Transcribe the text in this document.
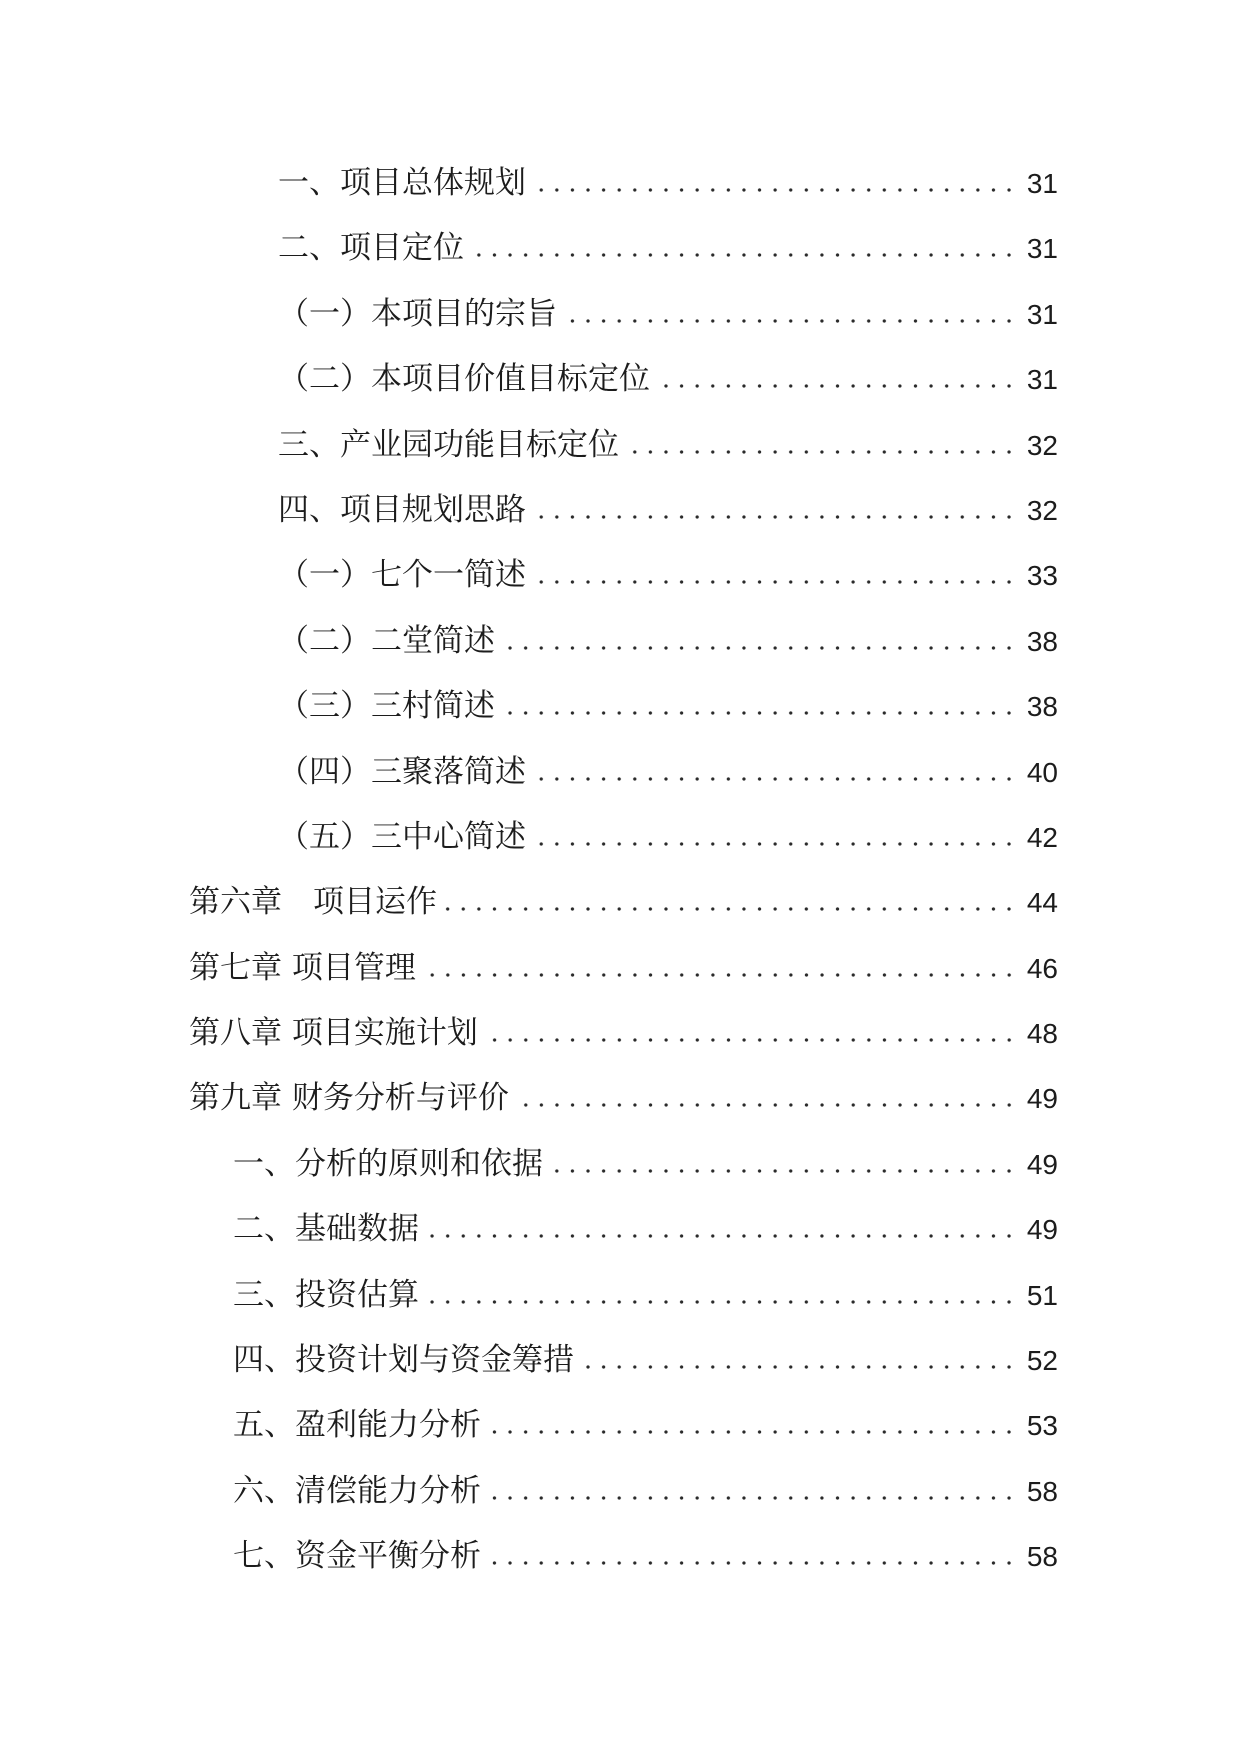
一、项目总体规划	31
二、项目定位	31
（一）本项目的宗旨	31
（二）本项目价值目标定位	31
三、产业园功能目标定位	32
四、项目规划思路	32
（一）七个一简述	33
（二）二堂简述	38
（三）三村简述	38
（四）三聚落简述	40
（五）三中心简述	42
第六章　项目运作	44
第七章 项目管理	46
第八章 项目实施计划	48
第九章 财务分析与评价	49
一、分析的原则和依据	49
二、基础数据	49
三、投资估算	51
四、投资计划与资金筹措	52
五、盈利能力分析	53
六、清偿能力分析	58
七、资金平衡分析	58
